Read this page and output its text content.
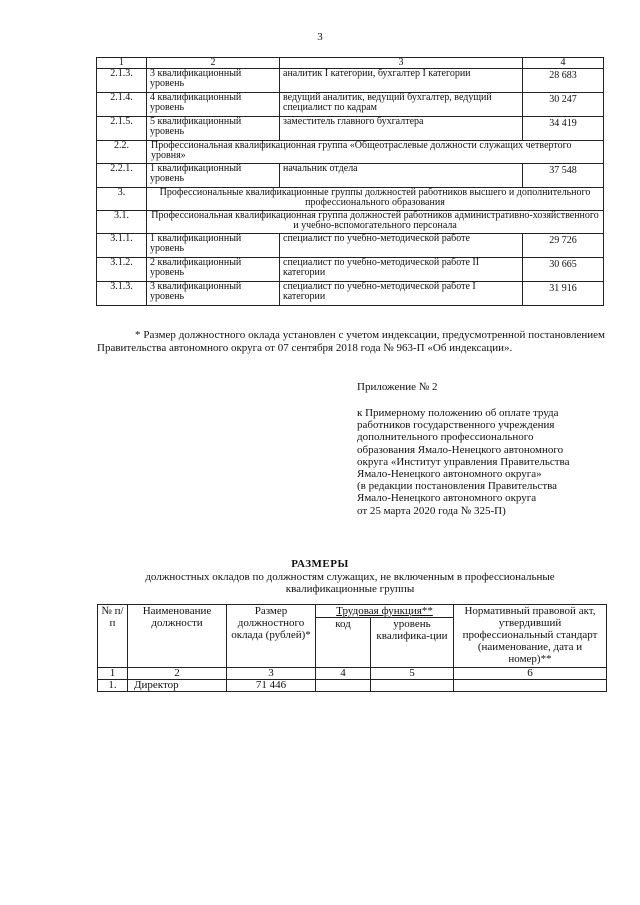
3
1	2	3	4
2.1.3.	3 квалификационный уровень	аналитик I категории, бухгалтер I категории	28 683
2.1.4.	4 квалификационный уровень	ведущий аналитик, ведущий бухгалтер, ведущий специалист по кадрам	30 247
2.1.5.	5 квалификационный уровень	заместитель главного бухгалтера	34 419
2.2.	Профессиональная квалификационная группа «Общеотраслевые должности служащих четвертого уровня»		
2.2.1.	1 квалификационный уровень	начальник отдела	37 548
3.	Профессиональные квалификационные группы должностей работников высшего и дополнительного профессионального образования		
3.1.	Профессиональная квалификационная группа должностей работников административно-хозяйственного и учебно-вспомогательного персонала		
3.1.1.	1 квалификационный уровень	специалист по учебно-методической работе	29 726
3.1.2.	2 квалификационный уровень	специалист по учебно-методической работе II категории	30 665
3.1.3.	3 квалификационный уровень	специалист по учебно-методической работе I категории	31 916
* Размер должностного оклада установлен с учетом индексации, предусмотренной постановлением Правительства автономного округа от 07 сентября 2018 года № 963-П «Об индексации».
Приложение № 2
к Примерному положению об оплате труда
работников государственного учреждения
дополнительного профессионального
образования Ямало-Ненецкого автономного
округа «Институт управления Правительства
Ямало-Ненецкого автономного округа»
(в редакции постановления Правительства
Ямало-Ненецкого автономного округа
от 25 марта 2020 года № 325-П)
РАЗМЕРЫ
должностных окладов по должностям служащих, не включенным в профессиональные квалификационные группы
№ п/п	Наименование должности	Размер должностного оклада (рублей)*	Трудовая функция**		Нормативный правовой акт, утвердивший профессиональный стандарт (наименование, дата и номер)**
			код	уровень квалифика-ции	
1	2	3	4	5	6
1.	Директор	71 446			
